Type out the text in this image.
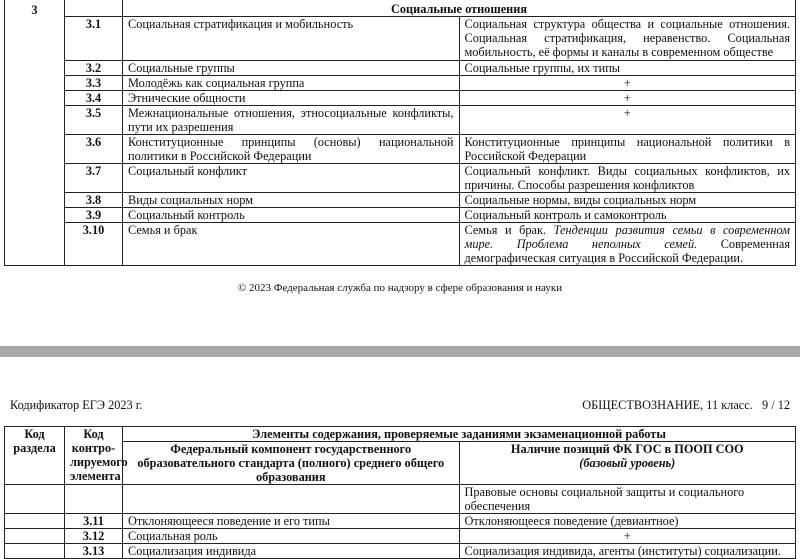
3		Социальные отношения	
	3.1	Социальная стратификация и мобильность	Социальная структура общества и социальные отношения. Социальная стратификация, неравенство. Социальная мобильность, её формы и каналы в современном обществе
	3.2	Социальные группы	Социальные группы, их типы
	3.3	Молодёжь как социальная группа	+
	3.4	Этнические общности	+
	3.5	Межнациональные отношения, этносоциальные конфликты, пути их разрешения	+
	3.6	Конституционные принципы (основы) национальной политики в Российской Федерации	Конституционные принципы национальной политики в Российской Федерации
	3.7	Социальный конфликт	Социальный конфликт. Виды социальных конфликтов, их причины. Способы разрешения конфликтов
	3.8	Виды социальных норм	Социальные нормы, виды социальных норм
	3.9	Социальный контроль	Социальный контроль и самоконтроль
	3.10	Семья и брак	Семья и брак. Тенденции развития семьи в современном мире. Проблема неполных семей. Современная демографическая ситуация в Российской Федерации.
© 2023 Федеральная служба по надзору в сфере образования и науки
Кодификатор ЕГЭ 2023 г.	ОБЩЕСТВОЗНАНИЕ, 11 класс.   9 / 12
Код раздела	Код контро-лируемого элемента	Элементы содержания, проверяемые заданиями экзаменационной работы	
		Федеральный компонент государственного образовательного стандарта (полного) среднего общего образования	Наличие позиций ФК ГОС в ПООП СОО
(базовый уровень)

			Правовые основы социальной защиты и социального обеспечения
	3.11	Отклоняющееся поведение и его типы	Отклоняющееся поведение (девиантное)
	3.12	Социальная роль	+
	3.13	Социализация индивида	Социализация индивида, агенты (институты) социализации.
